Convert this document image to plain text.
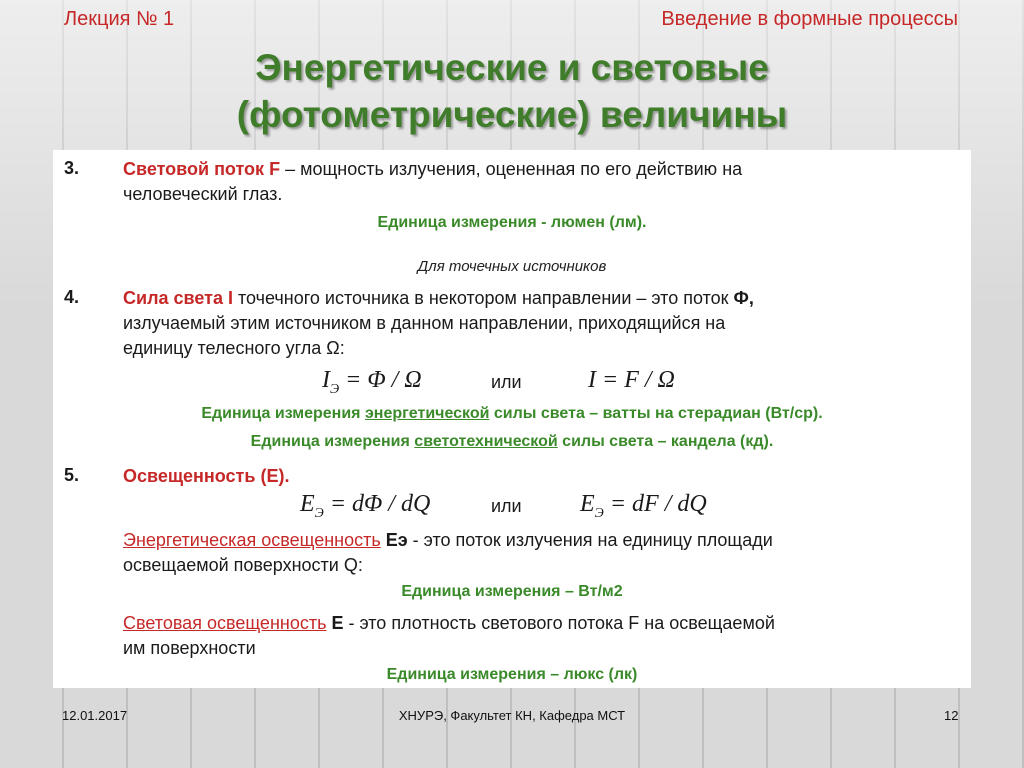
Лекция № 1	Введение в формные процессы
Энергетические и световые
(фотометрические) величины
3. Световой поток F – мощность излучения, оцененная по его действию на
человеческий глаз.
Единица измерения - люмен (лм).
Для точечных источников
4. Сила света I точечного источника в некотором направлении – это поток Ф,
излучаемый этим источником в данном направлении, приходящийся на
единицу телесного угла Ω:
$I_Э = \Phi / \Omega$	или	I = F / Ω
Единица измерения энергетической силы света – ватты на стерадиан (Вт/ср).
Единица измерения светотехнической силы света – кандела (кд).
5. Освещенность (Е).
$E_Э = d\Phi$ / dQ	или $E_Э$ = dF / dQ
Энергетическая освещенность Еэ - это поток излучения на единицу площади
освещаемой поверхности Q:
Единица измерения – Вт/м2
Световая освещенность Е - это плотность светового потока F на освещаемой
им поверхности
Единица измерения – люкс (лк)
12.01.2017	ХНУРЭ, Факультет КН, Кафедра МСТ	12
